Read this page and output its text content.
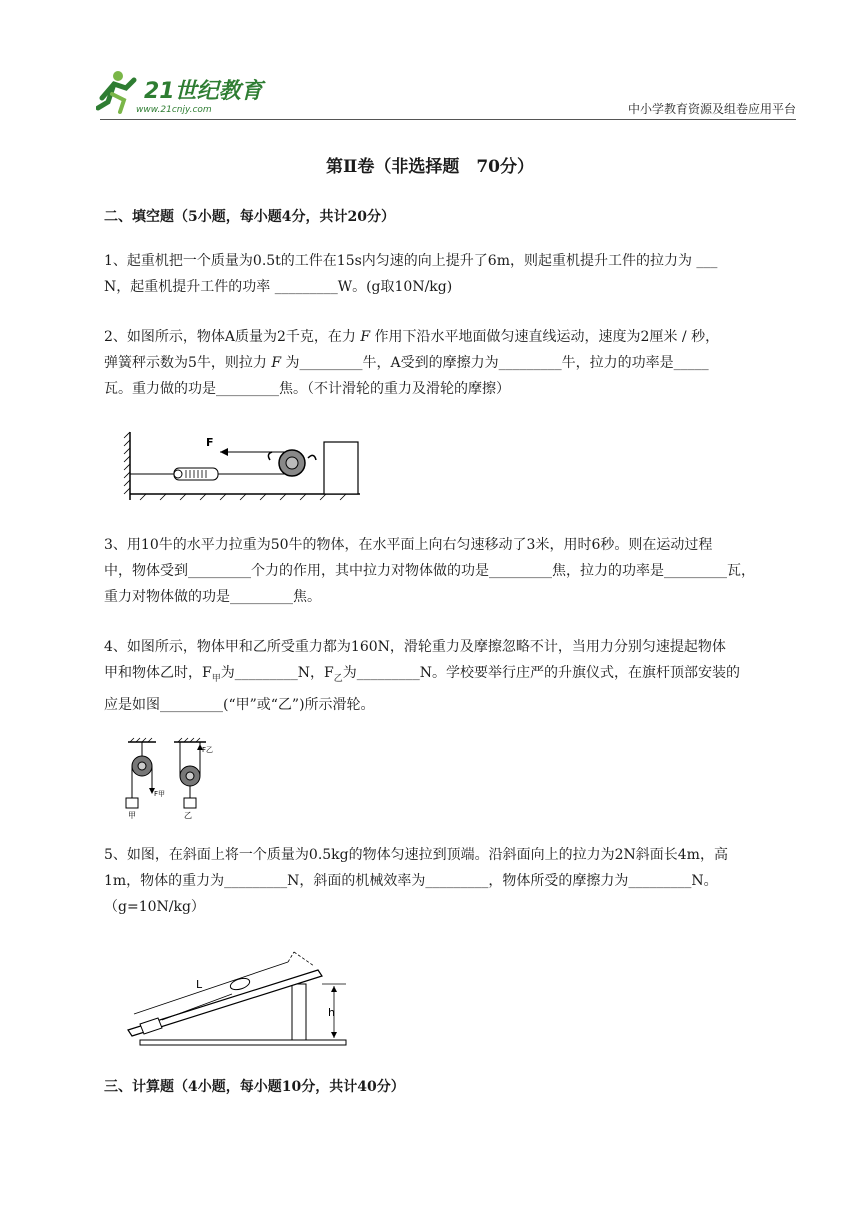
21世纪教育
www.21cnjy.com	中小学教育资源及组卷应用平台
第Ⅱ卷（非选择题　70分）
二、填空题（5小题，每小题4分，共计20分）

1、起重机把一个质量为0.5t的工件在15s内匀速的向上提升了6m，则起重机提升工件的拉力为 ___

N，起重机提升工件的功率 _________W。(g取10N/kg)

2、如图所示，物体A质量为2千克，在力 F 作用下沿水平地面做匀速直线运动，速度为2厘米 / 秒，

弹簧秤示数为5牛，则拉力 F 为_________牛，A受到的摩擦力为_________牛，拉力的功率是_____

瓦。重力做的功是_________焦。（不计滑轮的重力及滑轮的摩擦）

F

3、用10牛的水平力拉重为50牛的物体，在水平面上向右匀速移动了3米，用时6秒。则在运动过程

中，物体受到_________个力的作用，其中拉力对物体做的功是_________焦，拉力的功率是_________瓦，

重力对物体做的功是_________焦。

4、如图所示，物体甲和乙所受重力都为160N，滑轮重力及摩擦忽略不计，当用力分别匀速提起物体

甲和物体乙时，$F_甲$为_________N，$F_乙$为_________N。学校要举行庄严的升旗仪式，在旗杆顶部安装的

应是如图_________(“甲”或“乙”)所示滑轮。

F甲
甲
F乙
乙

5、如图，在斜面上将一个质量为0.5kg的物体匀速拉到顶端。沿斜面向上的拉力为2N斜面长4m，高

1m，物体的重力为_________N，斜面的机械效率为_________，物体所受的摩擦力为_________N。

（g=10N/kg）

L
h
三、计算题（4小题，每小题10分，共计40分）
